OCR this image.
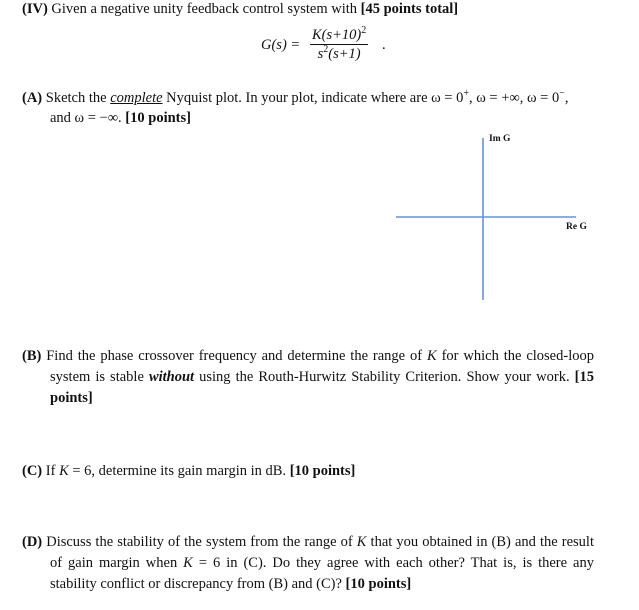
(IV) Given a negative unity feedback control system with [45 points total]
$G(s) = \frac{K(s+10)^2}{s^2(s+1)}$ .
(A) Sketch the complete Nyquist plot. In your plot, indicate where are ω = 0+, ω = +∞, ω = 0−,
and ω = −∞. [10 points]
Im G
Re G
(B) Find the phase crossover frequency and determine the range of K for which the closed-loop system is stable without using the Routh-Hurwitz Stability Criterion. Show your work. [15 points]
(C) If K = 6, determine its gain margin in dB. [10 points]
(D) Discuss the stability of the system from the range of K that you obtained in (B) and the result of gain margin when K = 6 in (C). Do they agree with each other? That is, is there any stability conflict or discrepancy from (B) and (C)? [10 points]
